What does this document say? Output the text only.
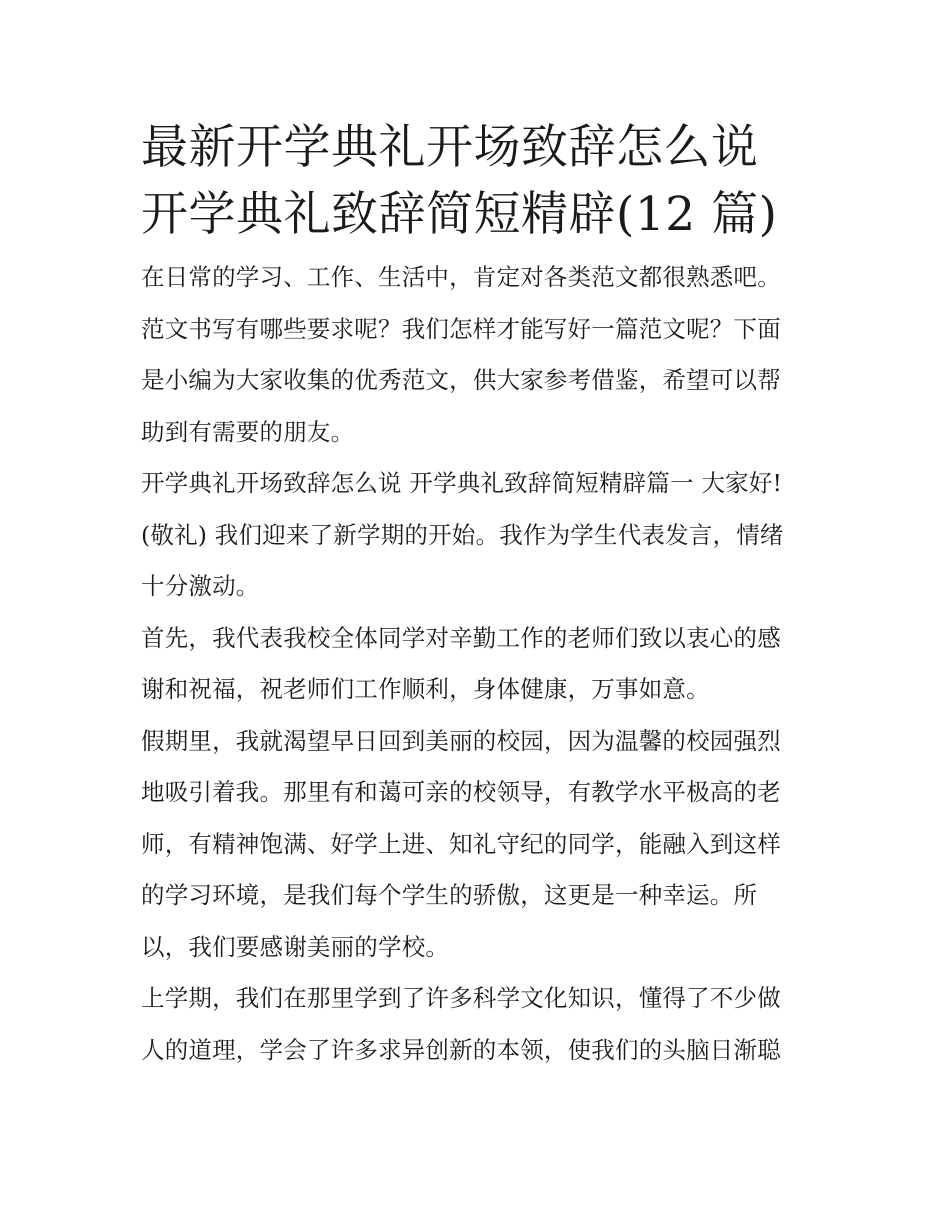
最新开学典礼开场致辞怎么说
开学典礼致辞简短精辟(12 篇)
在日常的学习、工作、生活中，肯定对各类范文都很熟悉吧。
范文书写有哪些要求呢？我们怎样才能写好一篇范文呢？下面
是小编为大家收集的优秀范文，供大家参考借鉴，希望可以帮
助到有需要的朋友。
开学典礼开场致辞怎么说 开学典礼致辞简短精辟篇一 大家好!
(敬礼) 我们迎来了新学期的开始。我作为学生代表发言，情绪
十分激动。
首先，我代表我校全体同学对辛勤工作的老师们致以衷心的感
谢和祝福，祝老师们工作顺利，身体健康，万事如意。
假期里，我就渴望早日回到美丽的校园，因为温馨的校园强烈
地吸引着我。那里有和蔼可亲的校领导，有教学水平极高的老
师，有精神饱满、好学上进、知礼守纪的同学，能融入到这样
的学习环境，是我们每个学生的骄傲，这更是一种幸运。所
以，我们要感谢美丽的学校。
上学期，我们在那里学到了许多科学文化知识，懂得了不少做
人的道理，学会了许多求异创新的本领，使我们的头脑日渐聪
